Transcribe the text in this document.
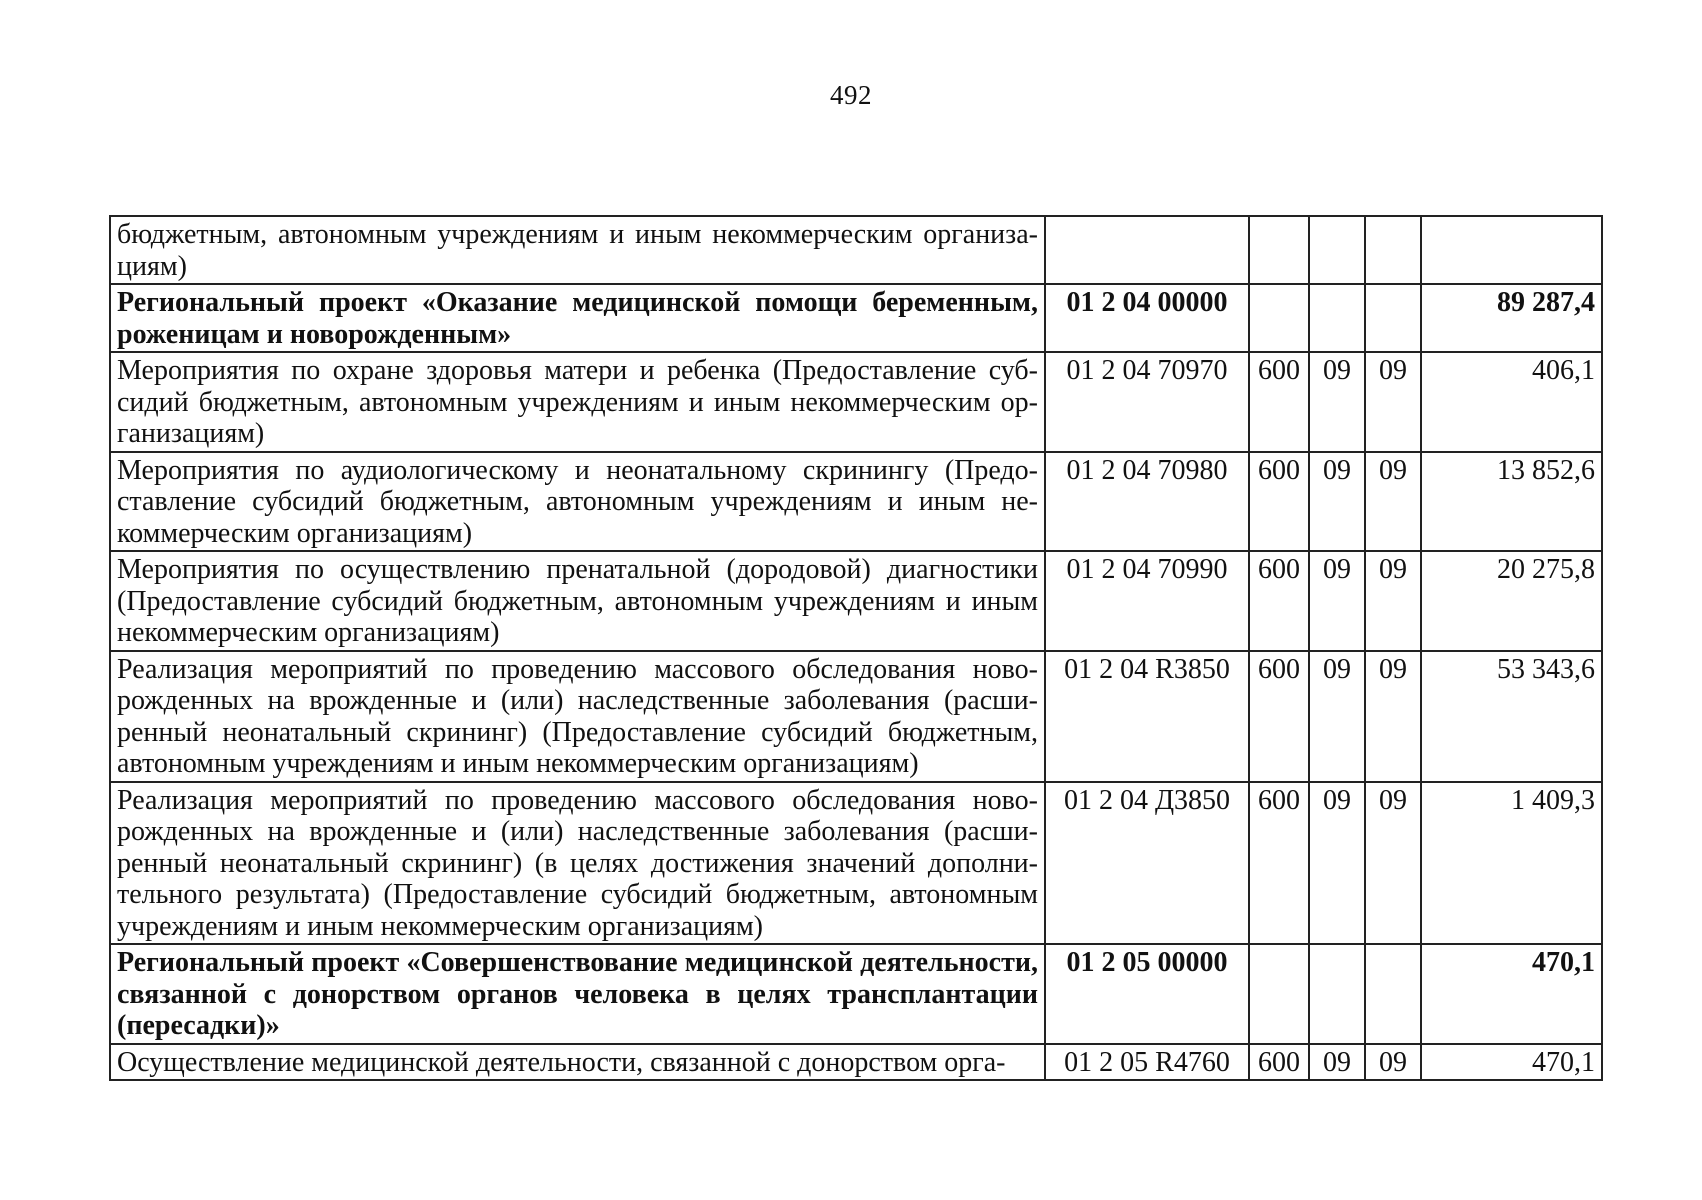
492
бюджетным, автономным учреждениям и иным некоммерческим организациям)					
Региональный проект «Оказание медицинской помощи беременным, роженицам и новорожденным»	01 2 04 00000				89 287,4
Мероприятия по охране здоровья матери и ребенка (Предоставление субсидий бюджетным, автономным учреждениям и иным некоммерческим организациям)	01 2 04 70970	600	09	09	406,1
Мероприятия по аудиологическому и неонатальному скринингу (Предоставление субсидий бюджетным, автономным учреждениям и иным некоммерческим организациям)	01 2 04 70980	600	09	09	13 852,6
Мероприятия по осуществлению пренатальной (дородовой) диагностики (Предоставление субсидий бюджетным, автономным учреждениям и иным некоммерческим организациям)	01 2 04 70990	600	09	09	20 275,8
Реализация мероприятий по проведению массового обследования новорожденных на врожденные и (или) наследственные заболевания (расширенный неонатальный скрининг) (Предоставление субсидий бюджетным, автономным учреждениям и иным некоммерческим организациям)	01 2 04 R3850	600	09	09	53 343,6
Реализация мероприятий по проведению массового обследования новорожденных на врожденные и (или) наследственные заболевания (расширенный неонатальный скрининг) (в целях достижения значений дополнительного результата) (Предоставление субсидий бюджетным, автономным учреждениям и иным некоммерческим организациям)	01 2 04 Д3850	600	09	09	1 409,3
Региональный проект «Совершенствование медицинской деятельности, связанной с донорством органов человека в целях трансплантации (пересадки)»	01 2 05 00000				470,1
Осуществление медицинской деятельности, связанной с донорством орга-	01 2 05 R4760	600	09	09	470,1
